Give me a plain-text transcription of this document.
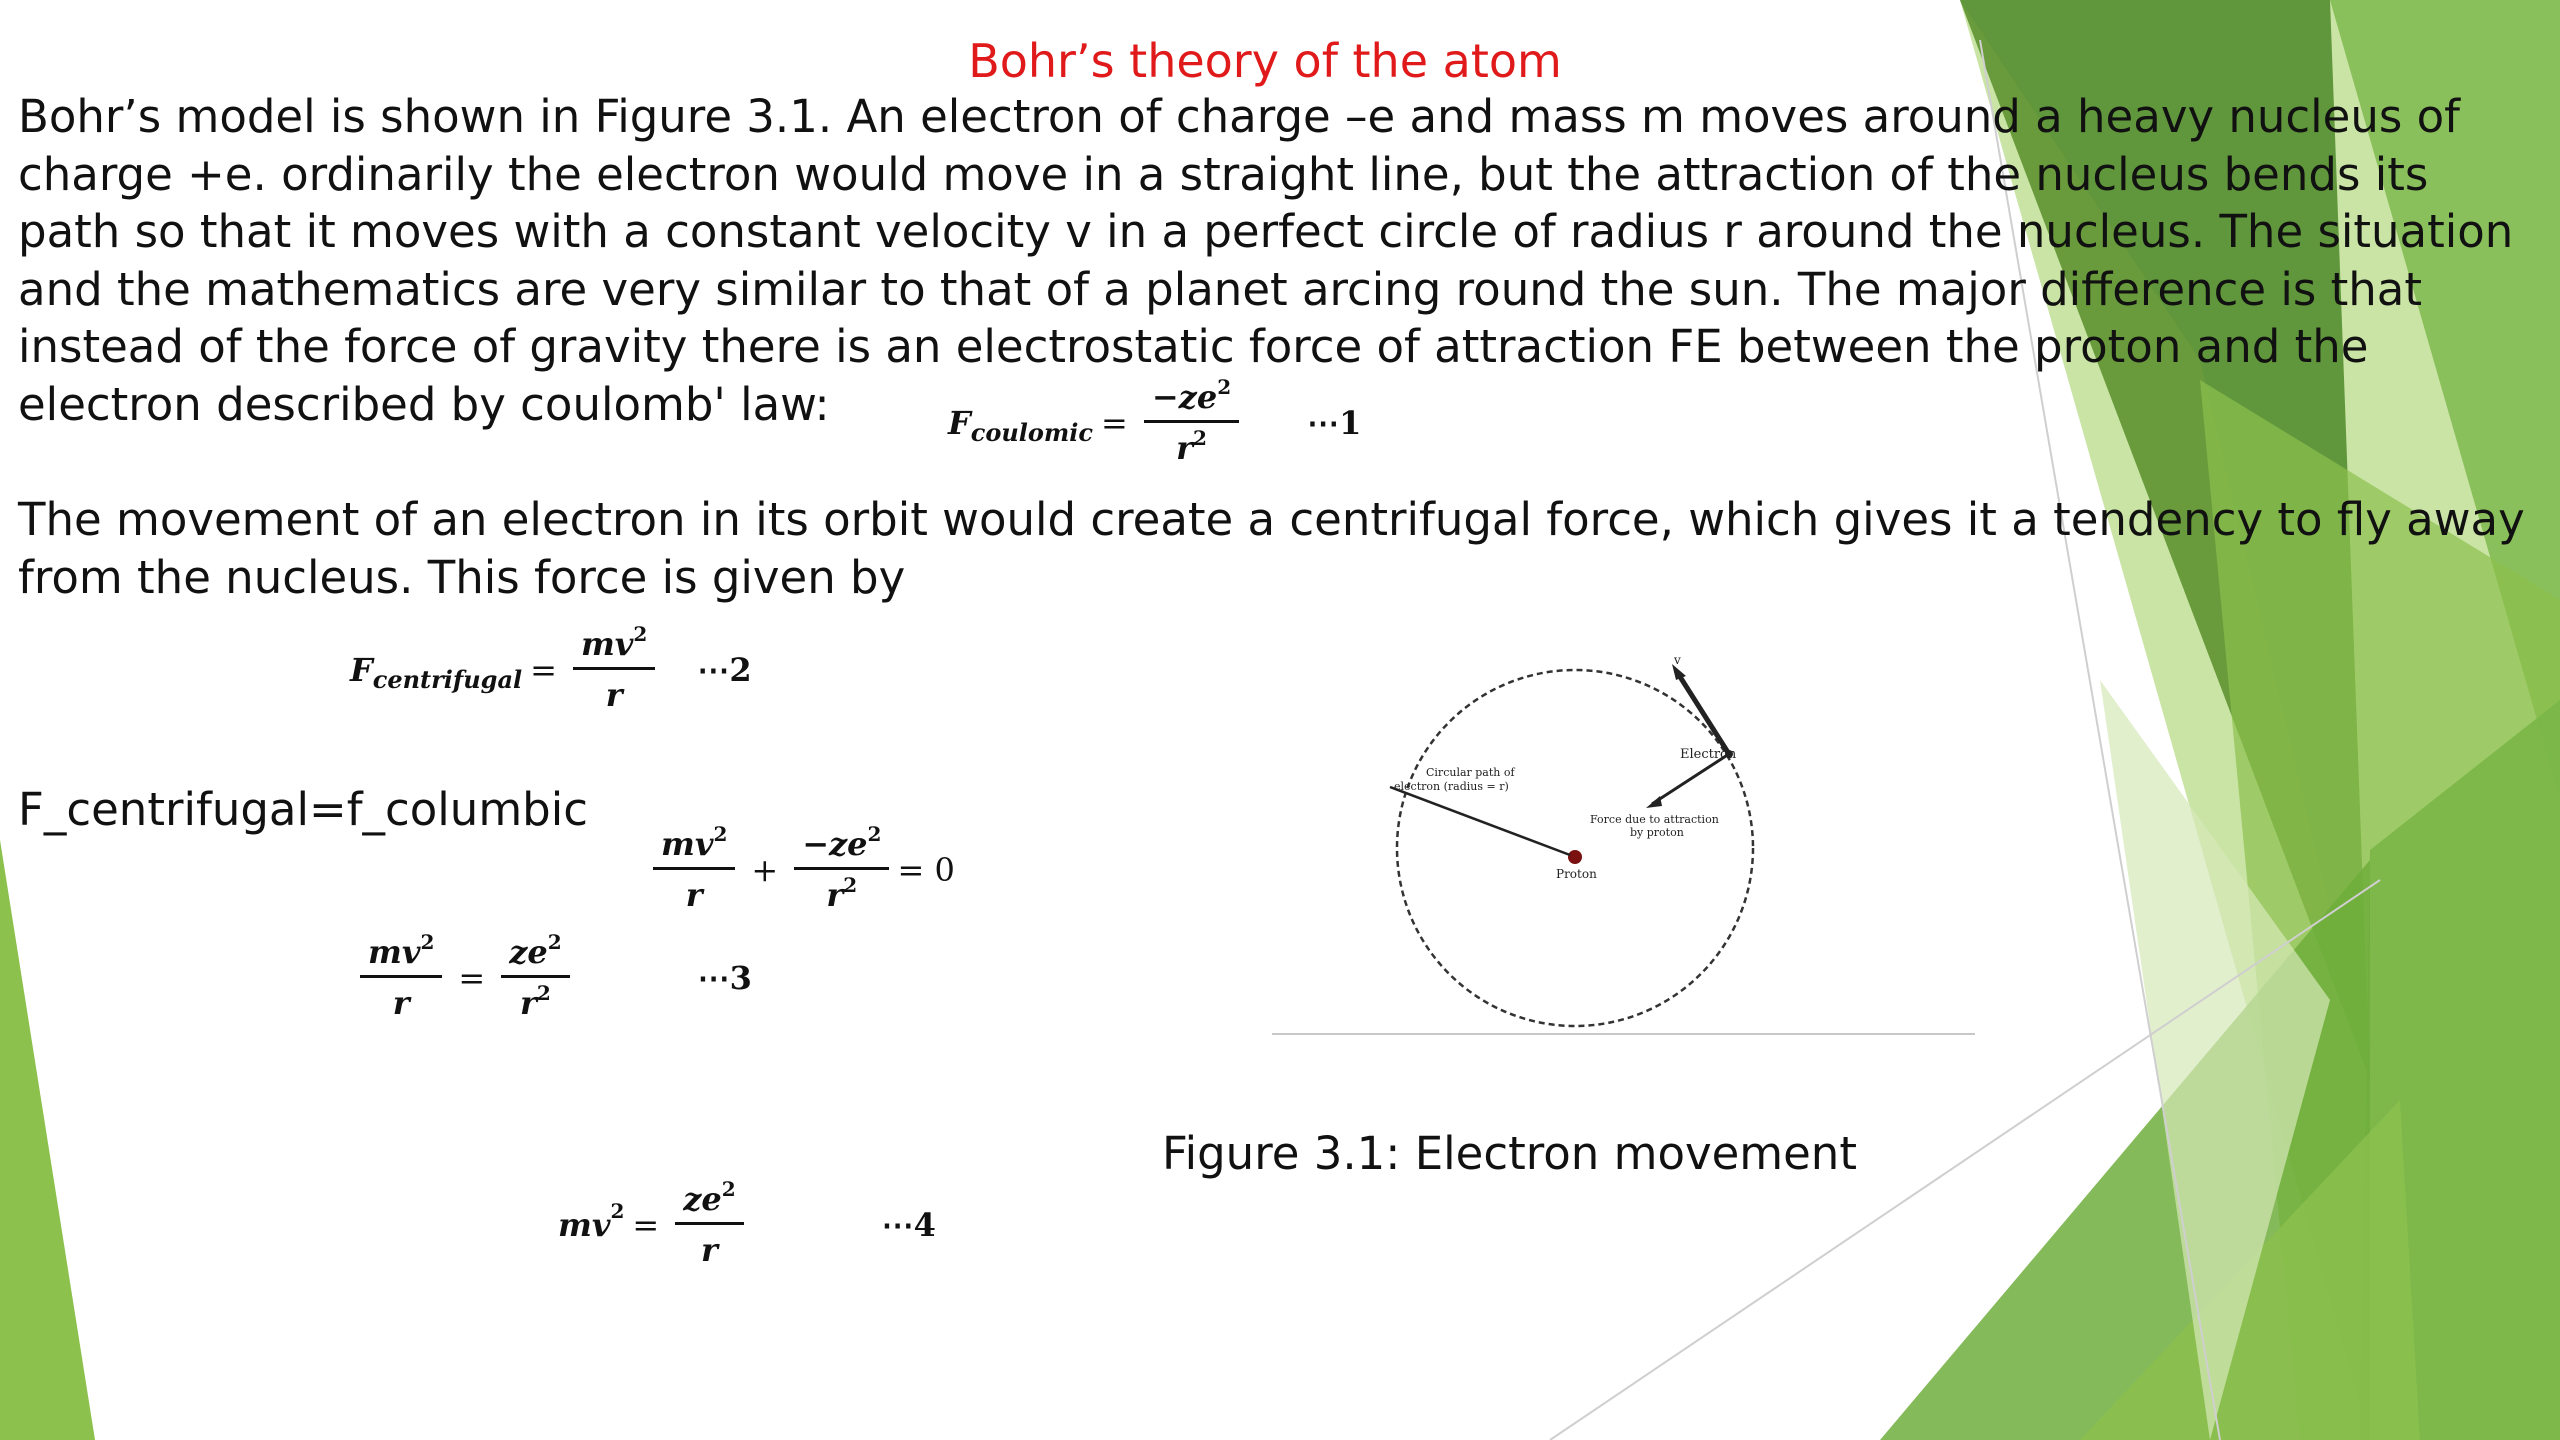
Bohr’s theory of the atom

Bohr’s model is shown in Figure 3.1. An electron of charge –e and mass m moves around a heavy nucleus of charge +e. ordinarily the electron would move in a straight line, but the attraction of the nucleus bends its path so that it moves with a constant velocity v in a perfect circle of radius r around the nucleus. The situation and the mathematics are very similar to that of a planet arcing round the sun. The major difference is that instead of the force of gravity there is an electrostatic force of attraction FE between the proton and the electron described by coulomb' law:	F coulomic = $\frac{-ze^2}{r^2}$ ⋯1

The movement of an electron in its orbit would create a centrifugal force, which gives it a tendency to fly away from the nucleus. This force is given by

F centrifugal = $\frac{mv^2}{r}$ ⋯2
F_centrifugal=f_columbic
$\frac{mv^2}{r} + \frac{-ze^2}{r^2} = 0$
$\frac{mv^2}{r} = \frac{ze^2}{r^2}$	⋯3
v
Electron
Circular path of electron (radius = r)
Force due to attraction by proton
Proton
Figure 3.1: Electron movement
mv $2 = \frac{ze^2}{r}$	⋯4
